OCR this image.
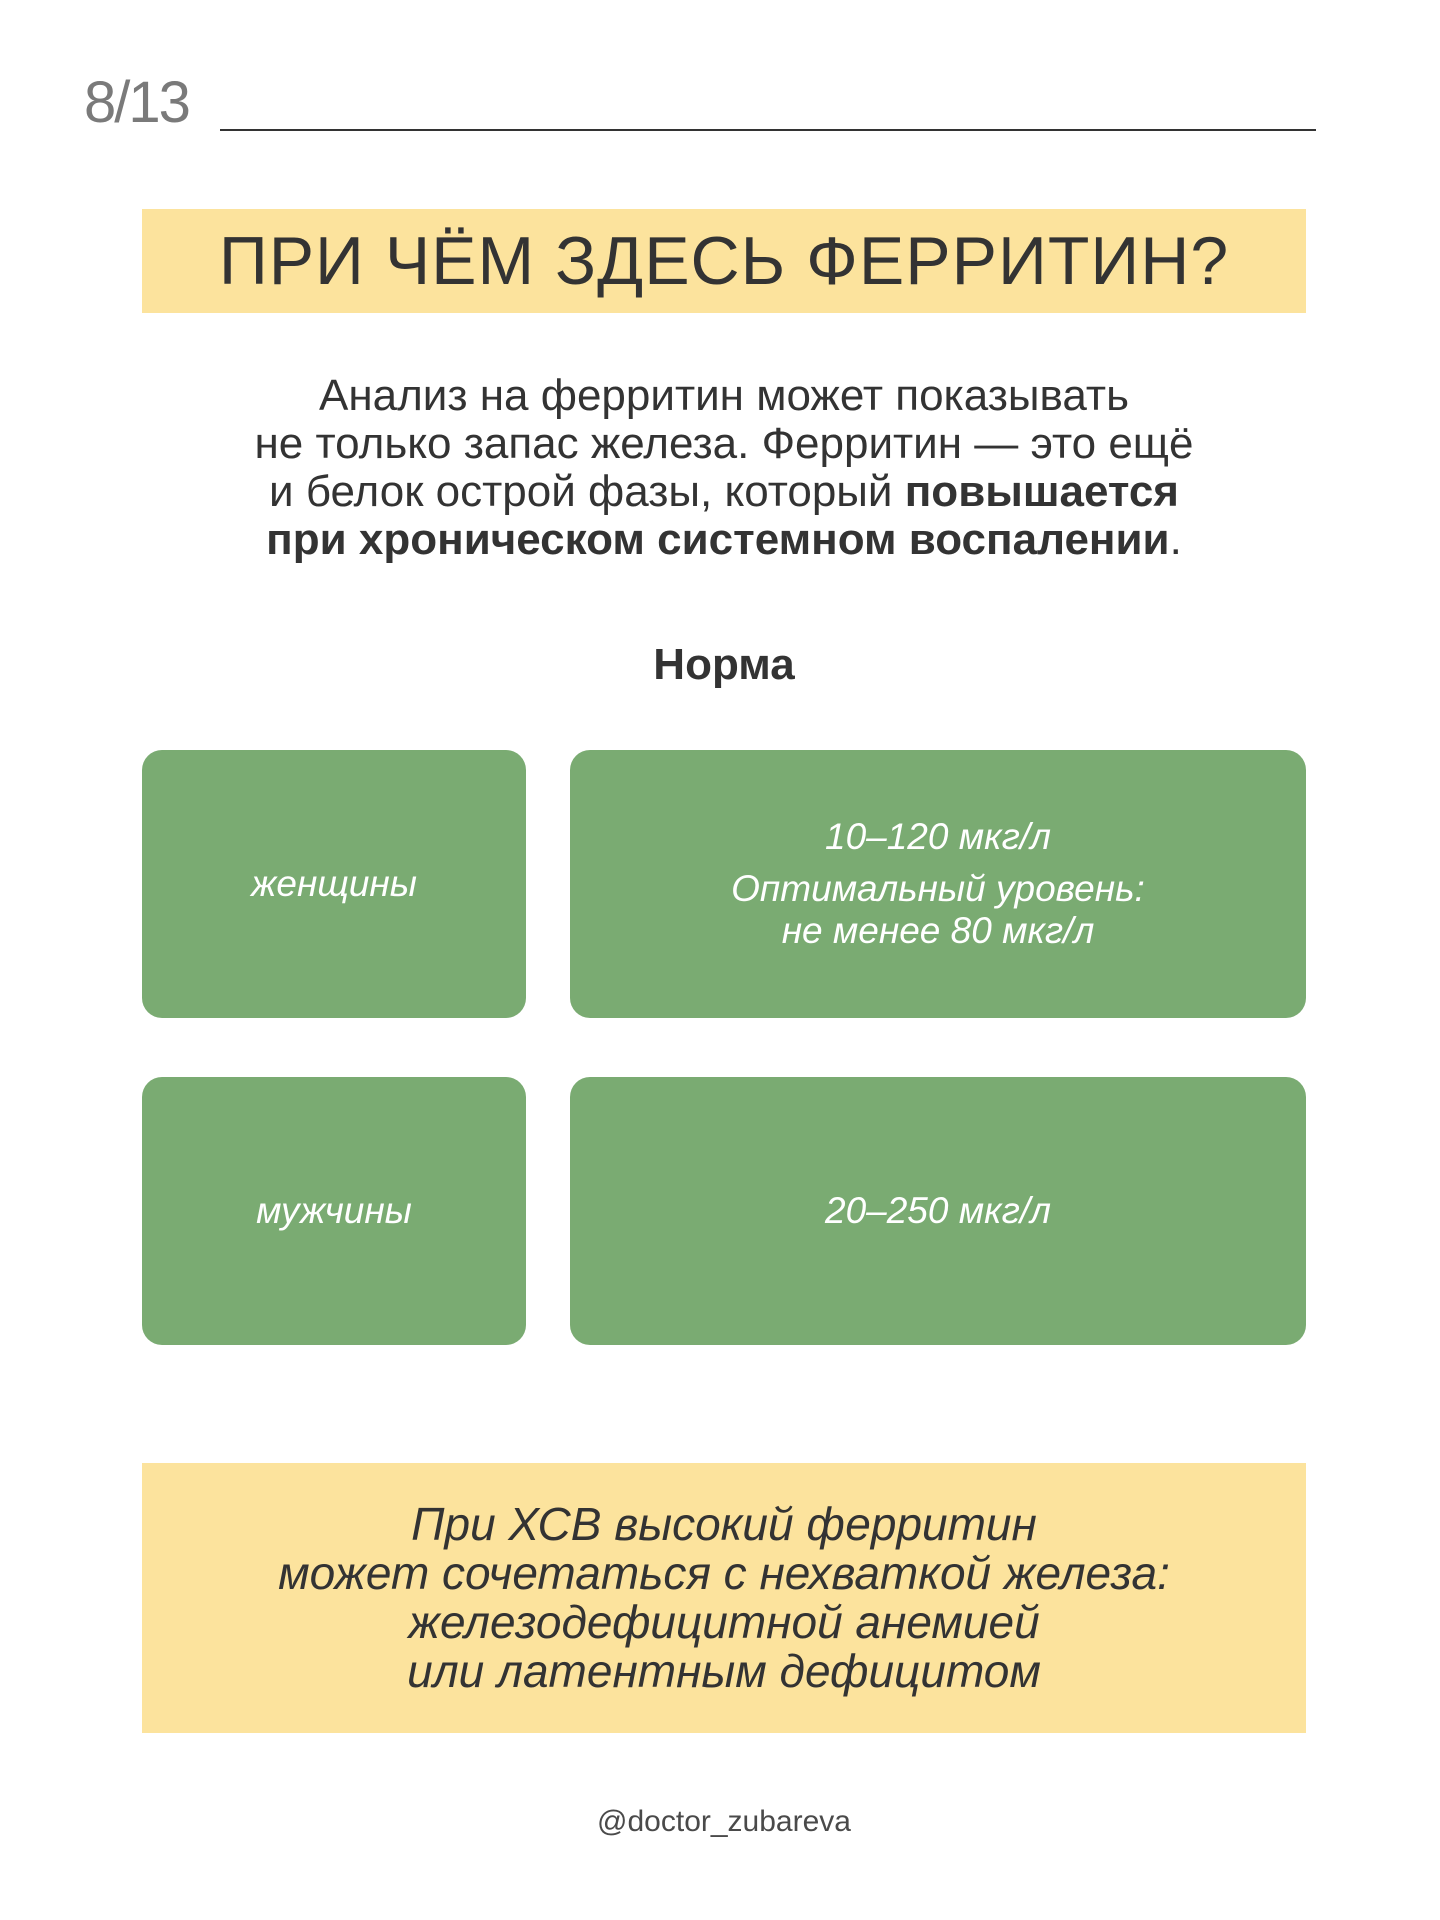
8/13
ПРИ ЧЁМ ЗДЕСЬ ФЕРРИТИН?
Анализ на ферритин может показывать
не только запас железа. Ферритин — это ещё
и белок острой фазы, который повышается
при хроническом системном воспалении.
Норма
женщины
10–120 мкг/л
Оптимальный уровень:
не менее 80 мкг/л
мужчины	20–250 мкг/л
При ХСВ высокий ферритин
может сочетаться с нехваткой железа:
железодефицитной анемией
или латентным дефицитом
@doctor_zubareva
